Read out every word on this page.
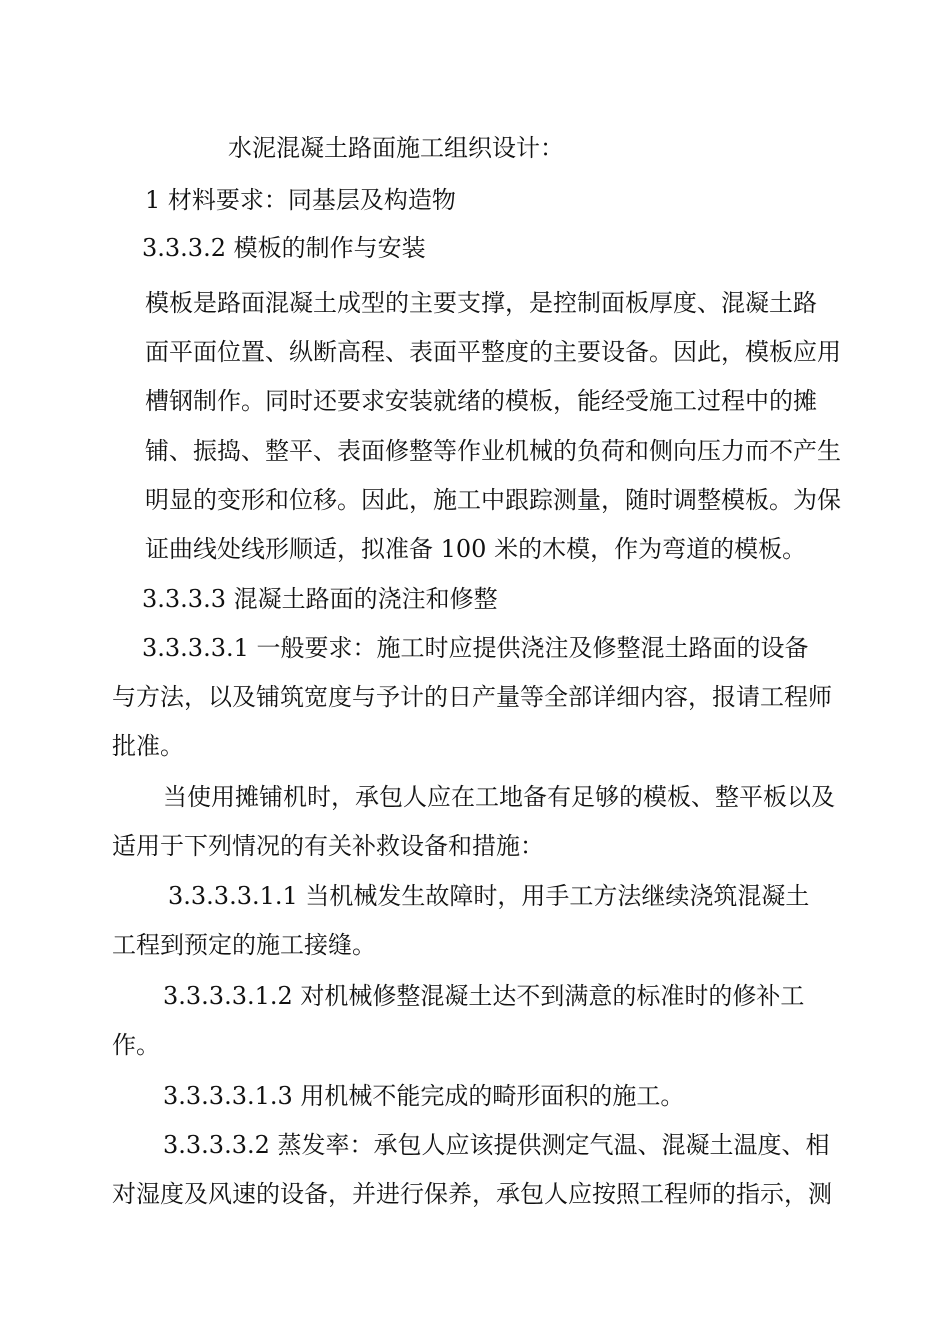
水泥混凝土路面施工组织设计：

1 材料要求：同基层及构造物

3.3.3.2 模板的制作与安装

模板是路面混凝土成型的主要支撑，是控制面板厚度、混凝土路

面平面位置、纵断高程、表面平整度的主要设备。因此，模板应用

槽钢制作。同时还要求安装就绪的模板，能经受施工过程中的摊

铺、振捣、整平、表面修整等作业机械的负荷和侧向压力而不产生

明显的变形和位移。因此，施工中跟踪测量，随时调整模板。为保

证曲线处线形顺适，拟准备 100 米的木模，作为弯道的模板。

3.3.3.3 混凝土路面的浇注和修整

3.3.3.3.1 一般要求：施工时应提供浇注及修整混土路面的设备

与方法，以及铺筑宽度与予计的日产量等全部详细内容，报请工程师

批准。

当使用摊铺机时，承包人应在工地备有足够的模板、整平板以及

适用于下列情况的有关补救设备和措施：

3.3.3.3.1.1 当机械发生故障时，用手工方法继续浇筑混凝土

工程到预定的施工接缝。

3.3.3.3.1.2 对机械修整混凝土达不到满意的标准时的修补工

作。

3.3.3.3.1.3 用机械不能完成的畸形面积的施工。

3.3.3.3.2 蒸发率：承包人应该提供测定气温、混凝土温度、相

对湿度及风速的设备，并进行保养，承包人应按照工程师的指示，测
